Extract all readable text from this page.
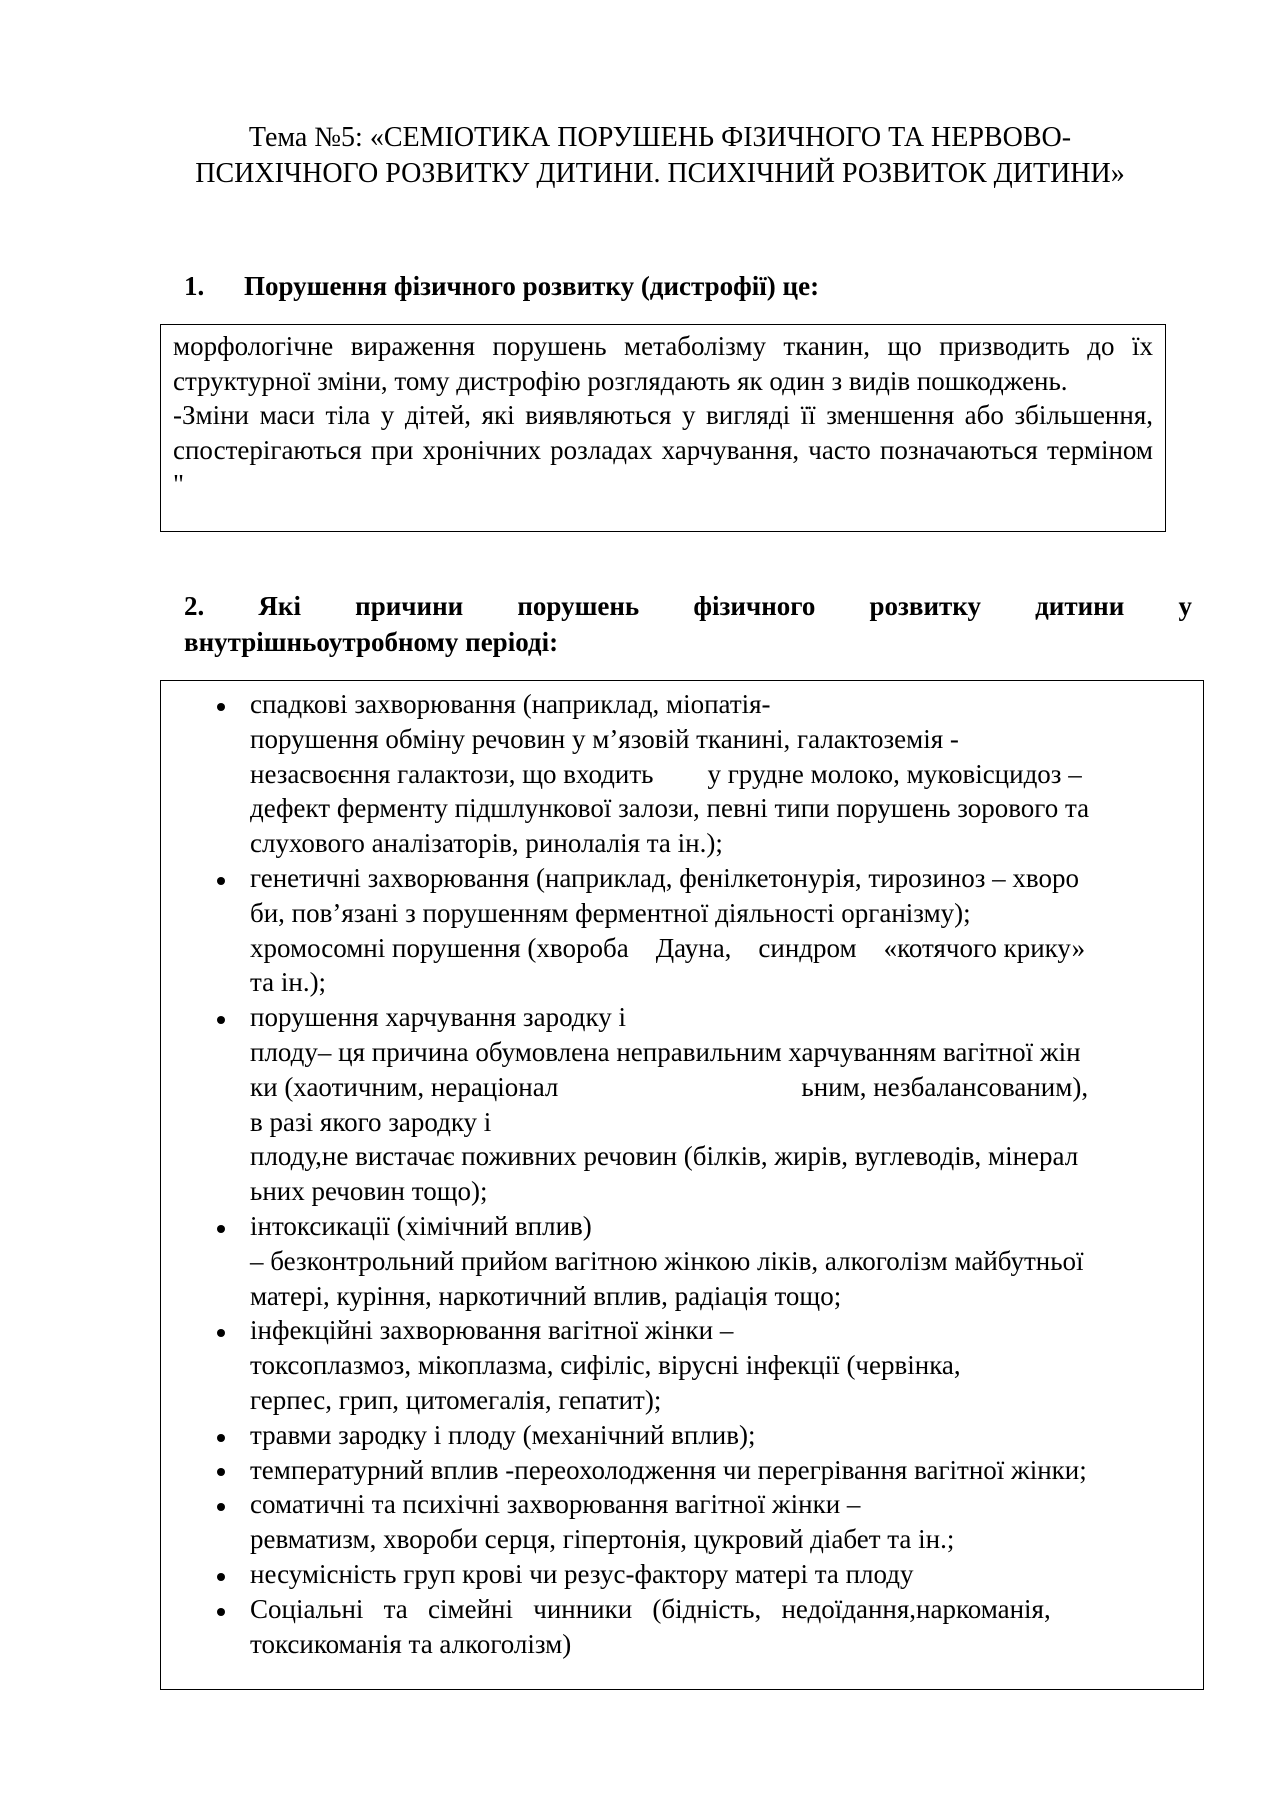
Тема №5: «СЕМІОТИКА ПОРУШЕНЬ ФІЗИЧНОГО ТА НЕРВОВО-
ПСИХІЧНОГО РОЗВИТКУ ДИТИНИ. ПСИХІЧНИЙ РОЗВИТОК ДИТИНИ»
1. Порушення фізичного розвитку (дистрофії) це:

морфологічне вираження порушень метаболізму тканин, що призводить до їх структурної зміни, тому дистрофію розглядають як один з видів пошкоджень.

-Зміни маси тіла у дітей, які виявляються у вигляді її зменшення або збільшення, спостерігаються при хронічних розладах харчування, часто позначаються терміном "

2. Які причини порушень фізичного розвитку дитини у
внутрішньоутробному періоді:
спадкові захворювання (наприклад, міопатія-
порушення обміну речовин у м’язовій тканині, галактоземія -
незасвоєння галактози, що входить        у грудне молоко, муковісцидоз –
дефект ферменту підшлункової залози, певні типи порушень зорового та
слухового аналізаторів, ринолалія та ін.);
генетичні захворювання (наприклад, фенілкетонурія, тирозиноз – хворо
би, пов’язані з порушенням ферментної діяльності організму);
хромосомні порушення (хвороба    Дауна,    синдром    «котячого крику»
та ін.);
порушення харчування зародку і
плоду– ця причина обумовлена неправильним харчуванням вагітної жін
ки (хаотичним, нераціонал                                    ьним, незбалансованим),
в разі якого зародку і
плоду,не вистачає поживних речовин (білків, жирів, вуглеводів, мінерал
ьних речовин тощо);
інтоксикації (хімічний вплив)
– безконтрольний прийом вагітною жінкою ліків, алкоголізм майбутньої
матері, куріння, наркотичний вплив, радіація тощо;
інфекційні захворювання вагітної жінки –
токсоплазмоз, мікоплазма, сифіліс, вірусні інфекції (червінка,
герпес, грип, цитомегалія, гепатит);
травми зародку і плоду (механічний вплив);
температурний вплив -переохолодження чи перегрівання вагітної жінки;
соматичні та психічні захворювання вагітної жінки –
ревматизм, хвороби серця, гіпертонія, цукровий діабет та ін.;
несумісність груп крові чи резус-фактору матері та плоду
Соціальні   та   сімейні   чинники   (бідність,   недоїдання,наркоманія,
токсикоманія та алкоголізм)
